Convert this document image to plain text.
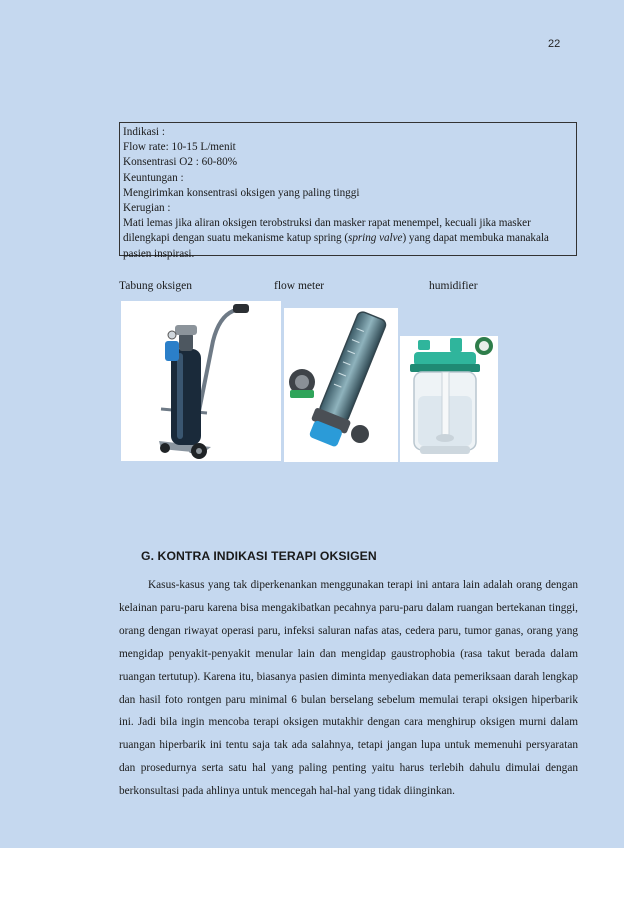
22
Indikasi :
Flow rate: 10-15 L/menit
Konsentrasi O2 : 60-80%
Keuntungan :
Mengirimkan konsentrasi oksigen yang paling tinggi
Kerugian :
Mati lemas jika aliran oksigen terobstruksi dan masker rapat menempel, kecuali jika masker dilengkapi dengan suatu mekanisme katup spring (spring valve) yang dapat membuka manakala pasien inspirasi.
Tabung oksigen	flow meter	humidifier
G. KONTRA INDIKASI TERAPI OKSIGEN

Kasus-kasus yang tak diperkenankan menggunakan terapi ini antara lain adalah orang dengan kelainan paru-paru karena bisa mengakibatkan pecahnya paru-paru dalam ruangan bertekanan tinggi, orang dengan riwayat operasi paru, infeksi saluran nafas atas, cedera paru, tumor ganas, orang yang mengidap penyakit-penyakit menular lain dan mengidap gaustrophobia (rasa takut berada dalam ruangan tertutup). Karena itu, biasanya pasien diminta menyediakan data pemeriksaan darah lengkap dan hasil foto rontgen paru minimal 6 bulan berselang sebelum memulai terapi oksigen hiperbarik ini. Jadi bila ingin mencoba terapi oksigen mutakhir dengan cara menghirup oksigen murni dalam ruangan hiperbarik ini tentu saja tak ada salahnya, tetapi jangan lupa untuk memenuhi persyaratan dan prosedurnya serta satu hal yang paling penting yaitu harus terlebih dahulu dimulai dengan berkonsultasi pada ahlinya untuk mencegah hal-hal yang tidak diinginkan.
